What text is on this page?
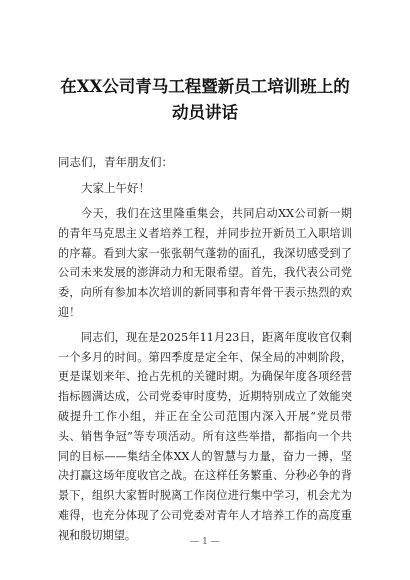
在XX公司青马工程暨新员工培训班上的
动员讲话

同志们，青年朋友们：

大家上午好！

今天，我们在这里隆重集会，共同启动XX公司新一期的青年马克思主义者培养工程，并同步拉开新员工入职培训的序幕。看到大家一张张朝气蓬勃的面孔，我深切感受到了公司未来发展的澎湃动力和无限希望。首先，我代表公司党委，向所有参加本次培训的新同事和青年骨干表示热烈的欢迎！

同志们，现在是2025年11月23日，距离年度收官仅剩一个多月的时间。第四季度是定全年、保全局的冲刺阶段，更是谋划来年、抢占先机的关键时期。为确保年度各项经营指标圆满达成，公司党委审时度势，近期特别成立了效能突破提升工作小组，并正在全公司范围内深入开展“党员带头、销售争冠”等专项活动。所有这些举措，都指向一个共同的目标——集结全体XX人的智慧与力量，奋力一搏，坚决打赢这场年度收官之战。在这样任务繁重、分秒必争的背景下，组织大家暂时脱离工作岗位进行集中学习，机会尤为难得，也充分体现了公司党委对青年人才培养工作的高度重视和殷切期望。

— 1 —
